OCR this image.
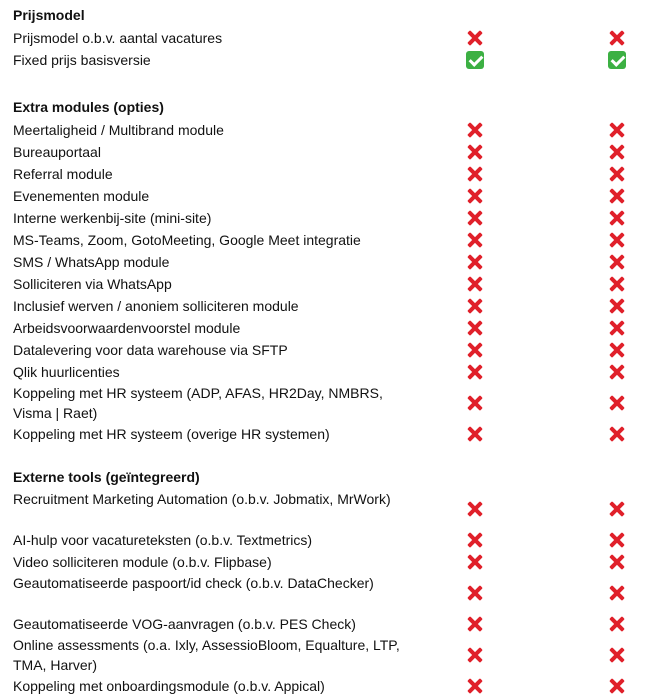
Prijsmodel
Prijsmodel o.b.v. aantal vacatures
Fixed prijs basisversie
Extra modules (opties)
Meertaligheid / Multibrand module
Bureauportaal
Referral module
Evenementen module
Interne werkenbij-site (mini-site)
MS-Teams, Zoom, GotoMeeting, Google Meet integratie
SMS / WhatsApp module
Solliciteren via WhatsApp
Inclusief werven / anoniem solliciteren module
Arbeidsvoorwaardenvoorstel module
Datalevering voor data warehouse via SFTP
Qlik huurlicenties
Koppeling met HR systeem (ADP, AFAS, HR2Day, NMBRS, Visma | Raet)
Koppeling met HR systeem (overige HR systemen)
Externe tools (geïntegreerd)
Recruitment Marketing Automation (o.b.v. Jobmatix, MrWork)
AI-hulp voor vacatureteksten (o.b.v. Textmetrics)
Video solliciteren module (o.b.v. Flipbase)
Geautomatiseerde paspoort/id check (o.b.v. DataChecker)
Geautomatiseerde VOG-aanvragen (o.b.v. PES Check)
Online assessments (o.a. Ixly, AssessioBloom, Equalture, LTP, TMA, Harver)
Koppeling met onboardingsmodule (o.b.v. Appical)
